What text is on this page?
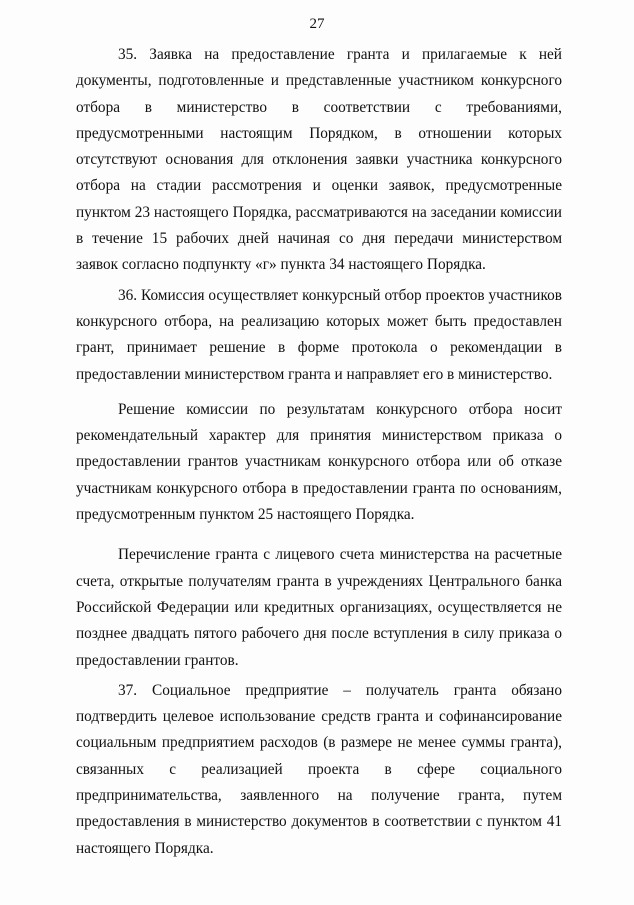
27

35. Заявка на предоставление гранта и прилагаемые к ней документы, подготовленные и представленные участником конкурсного отбора в министерство в соответствии с требованиями, предусмотренными настоящим Порядком, в отношении которых отсутствуют основания для отклонения заявки участника конкурсного отбора на стадии рассмотрения и оценки заявок, предусмотренные пунктом 23 настоящего Порядка, рассматриваются на заседании комиссии в течение 15 рабочих дней начиная со дня передачи министерством заявок согласно подпункту «г» пункта 34 настоящего Порядка.

36. Комиссия осуществляет конкурсный отбор проектов участников конкурсного отбора, на реализацию которых может быть предоставлен грант, принимает решение в форме протокола о рекомендации в предоставлении министерством гранта и направляет его в министерство.

Решение комиссии по результатам конкурсного отбора носит рекомендательный характер для принятия министерством приказа о предоставлении грантов участникам конкурсного отбора или об отказе участникам конкурсного отбора в предоставлении гранта по основаниям, предусмотренным пунктом 25 настоящего Порядка.

Перечисление гранта с лицевого счета министерства на расчетные счета, открытые получателям гранта в учреждениях Центрального банка Российской Федерации или кредитных организациях, осуществляется не позднее двадцать пятого рабочего дня после вступления в силу приказа о предоставлении грантов.

37. Социальное предприятие – получатель гранта обязано подтвердить целевое использование средств гранта и софинансирование социальным предприятием расходов (в размере не менее суммы гранта), связанных с реализацией проекта в сфере социального предпринимательства, заявленного на получение гранта, путем предоставления в министерство документов в соответствии с пунктом 41 настоящего Порядка.
